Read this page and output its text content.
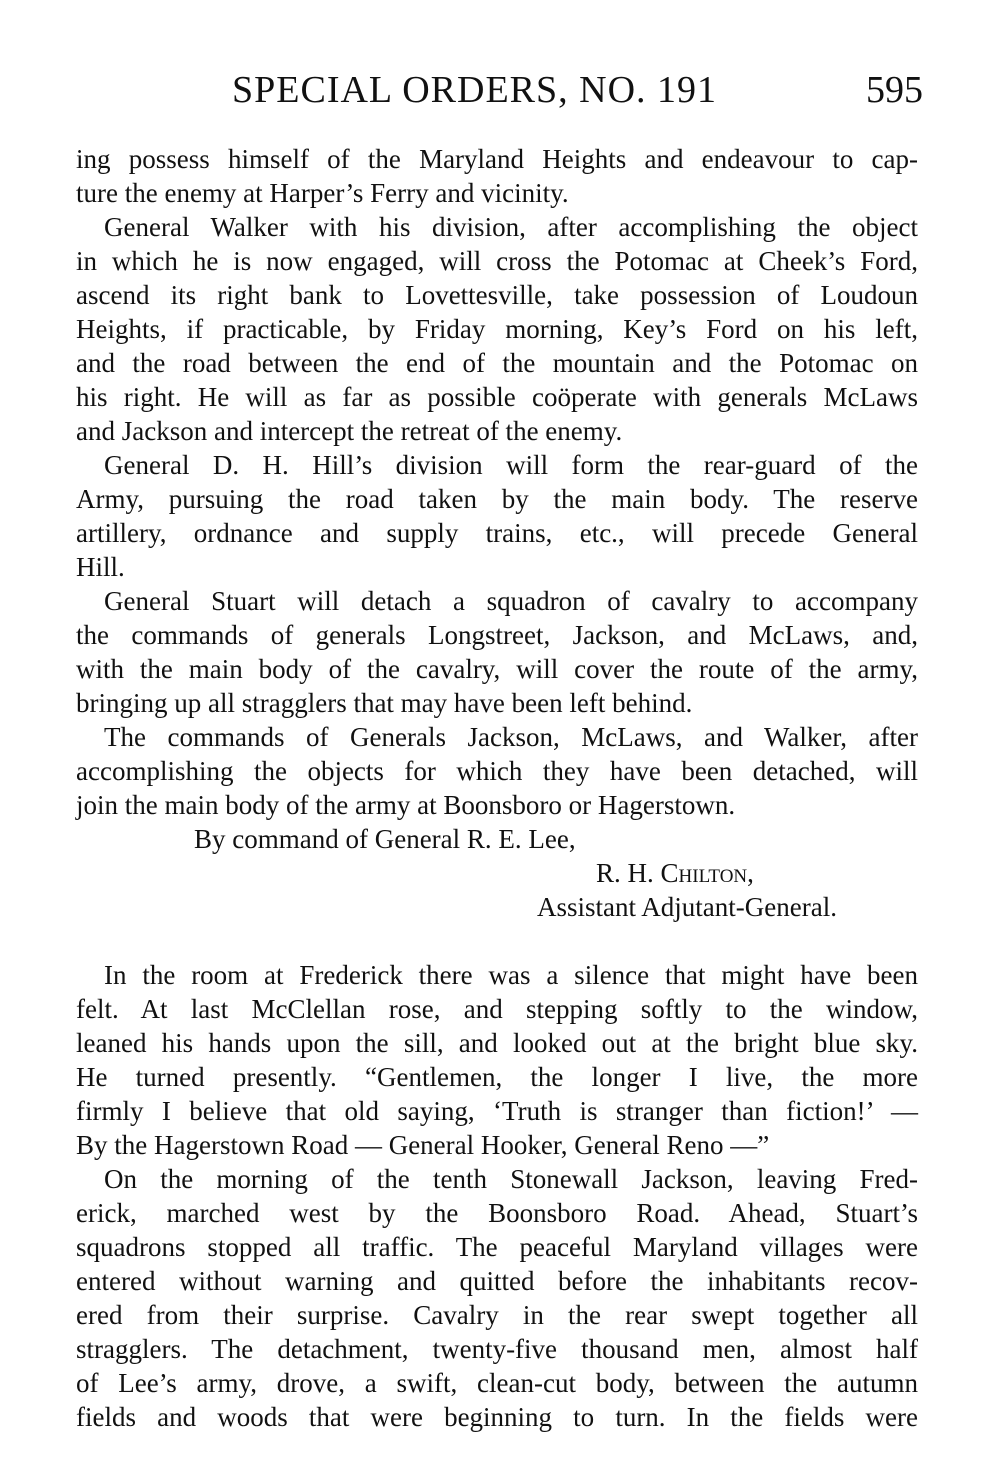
SPECIAL ORDERS, NO. 191	595
ing possess himself of the Maryland Heights and endeavour to cap-
ture the enemy at Harper’s Ferry and vicinity.
General Walker with his division, after accomplishing the object
in which he is now engaged, will cross the Potomac at Cheek’s Ford,
ascend its right bank to Lovettesville, take possession of Loudoun
Heights, if practicable, by Friday morning, Key’s Ford on his left,
and the road between the end of the mountain and the Potomac on
his right. He will as far as possible coöperate with generals McLaws
and Jackson and intercept the retreat of the enemy.
General D. H. Hill’s division will form the rear-guard of the
Army, pursuing the road taken by the main body. The reserve
artillery, ordnance and supply trains, etc., will precede General
Hill.
General Stuart will detach a squadron of cavalry to accompany
the commands of generals Longstreet, Jackson, and McLaws, and,
with the main body of the cavalry, will cover the route of the army,
bringing up all stragglers that may have been left behind.
The commands of Generals Jackson, McLaws, and Walker, after
accomplishing the objects for which they have been detached, will
join the main body of the army at Boonsboro or Hagerstown.
By command of General R. E. Lee,
R. H. Chilton,
Assistant Adjutant-General.
In the room at Frederick there was a silence that might have been
felt. At last McClellan rose, and stepping softly to the window,
leaned his hands upon the sill, and looked out at the bright blue sky.
He turned presently. “Gentlemen, the longer I live, the more
firmly I believe that old saying, ‘Truth is stranger than fiction!’ —
By the Hagerstown Road — General Hooker, General Reno —”
On the morning of the tenth Stonewall Jackson, leaving Fred-
erick, marched west by the Boonsboro Road. Ahead, Stuart’s
squadrons stopped all traffic. The peaceful Maryland villages were
entered without warning and quitted before the inhabitants recov-
ered from their surprise. Cavalry in the rear swept together all
stragglers. The detachment, twenty-five thousand men, almost half
of Lee’s army, drove, a swift, clean-cut body, between the autumn
fields and woods that were beginning to turn. In the fields were
